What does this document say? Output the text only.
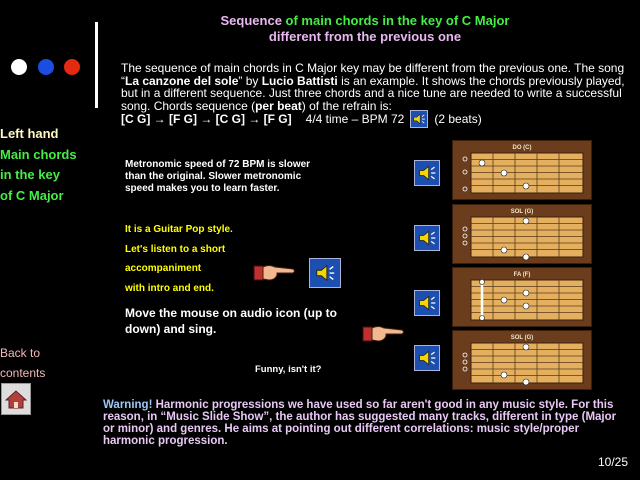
Left hand
Main chords
in the key
of C Major
Back to
contents
Sequence of main chords in the key of C Major
different from the previous one
The sequence of main chords in C Major key may be different from the previous one. The song “La canzone del sole” by Lucio Battisti is an example. It shows the chords previously played, but in a different sequence. Just three chords and a nice tune are needed to write a successful song. Chords sequence (per beat) of the refrain is:
[C G] → [F G] → [C G] → [F G] 4/4 time – BPM 72	(2 beats)
Metronomic speed of 72 BPM is slower than the original. Slower metronomic speed makes you to learn faster.
It is a Guitar Pop style.
Let's listen to a short
accompaniment
with intro and end.
Move the mouse on audio icon (up to down) and sing.
Funny, isn't it?
DO (C)
SOL (G)
FA (F)
SOL (G)
Warning! Harmonic progressions we have used so far aren't good in any music style. For this reason, in “Music Slide Show”, the author has suggested many tracks, different in type (Major or minor) and genres. He aims at pointing out different correlations: music style/proper harmonic progression.
10/25
